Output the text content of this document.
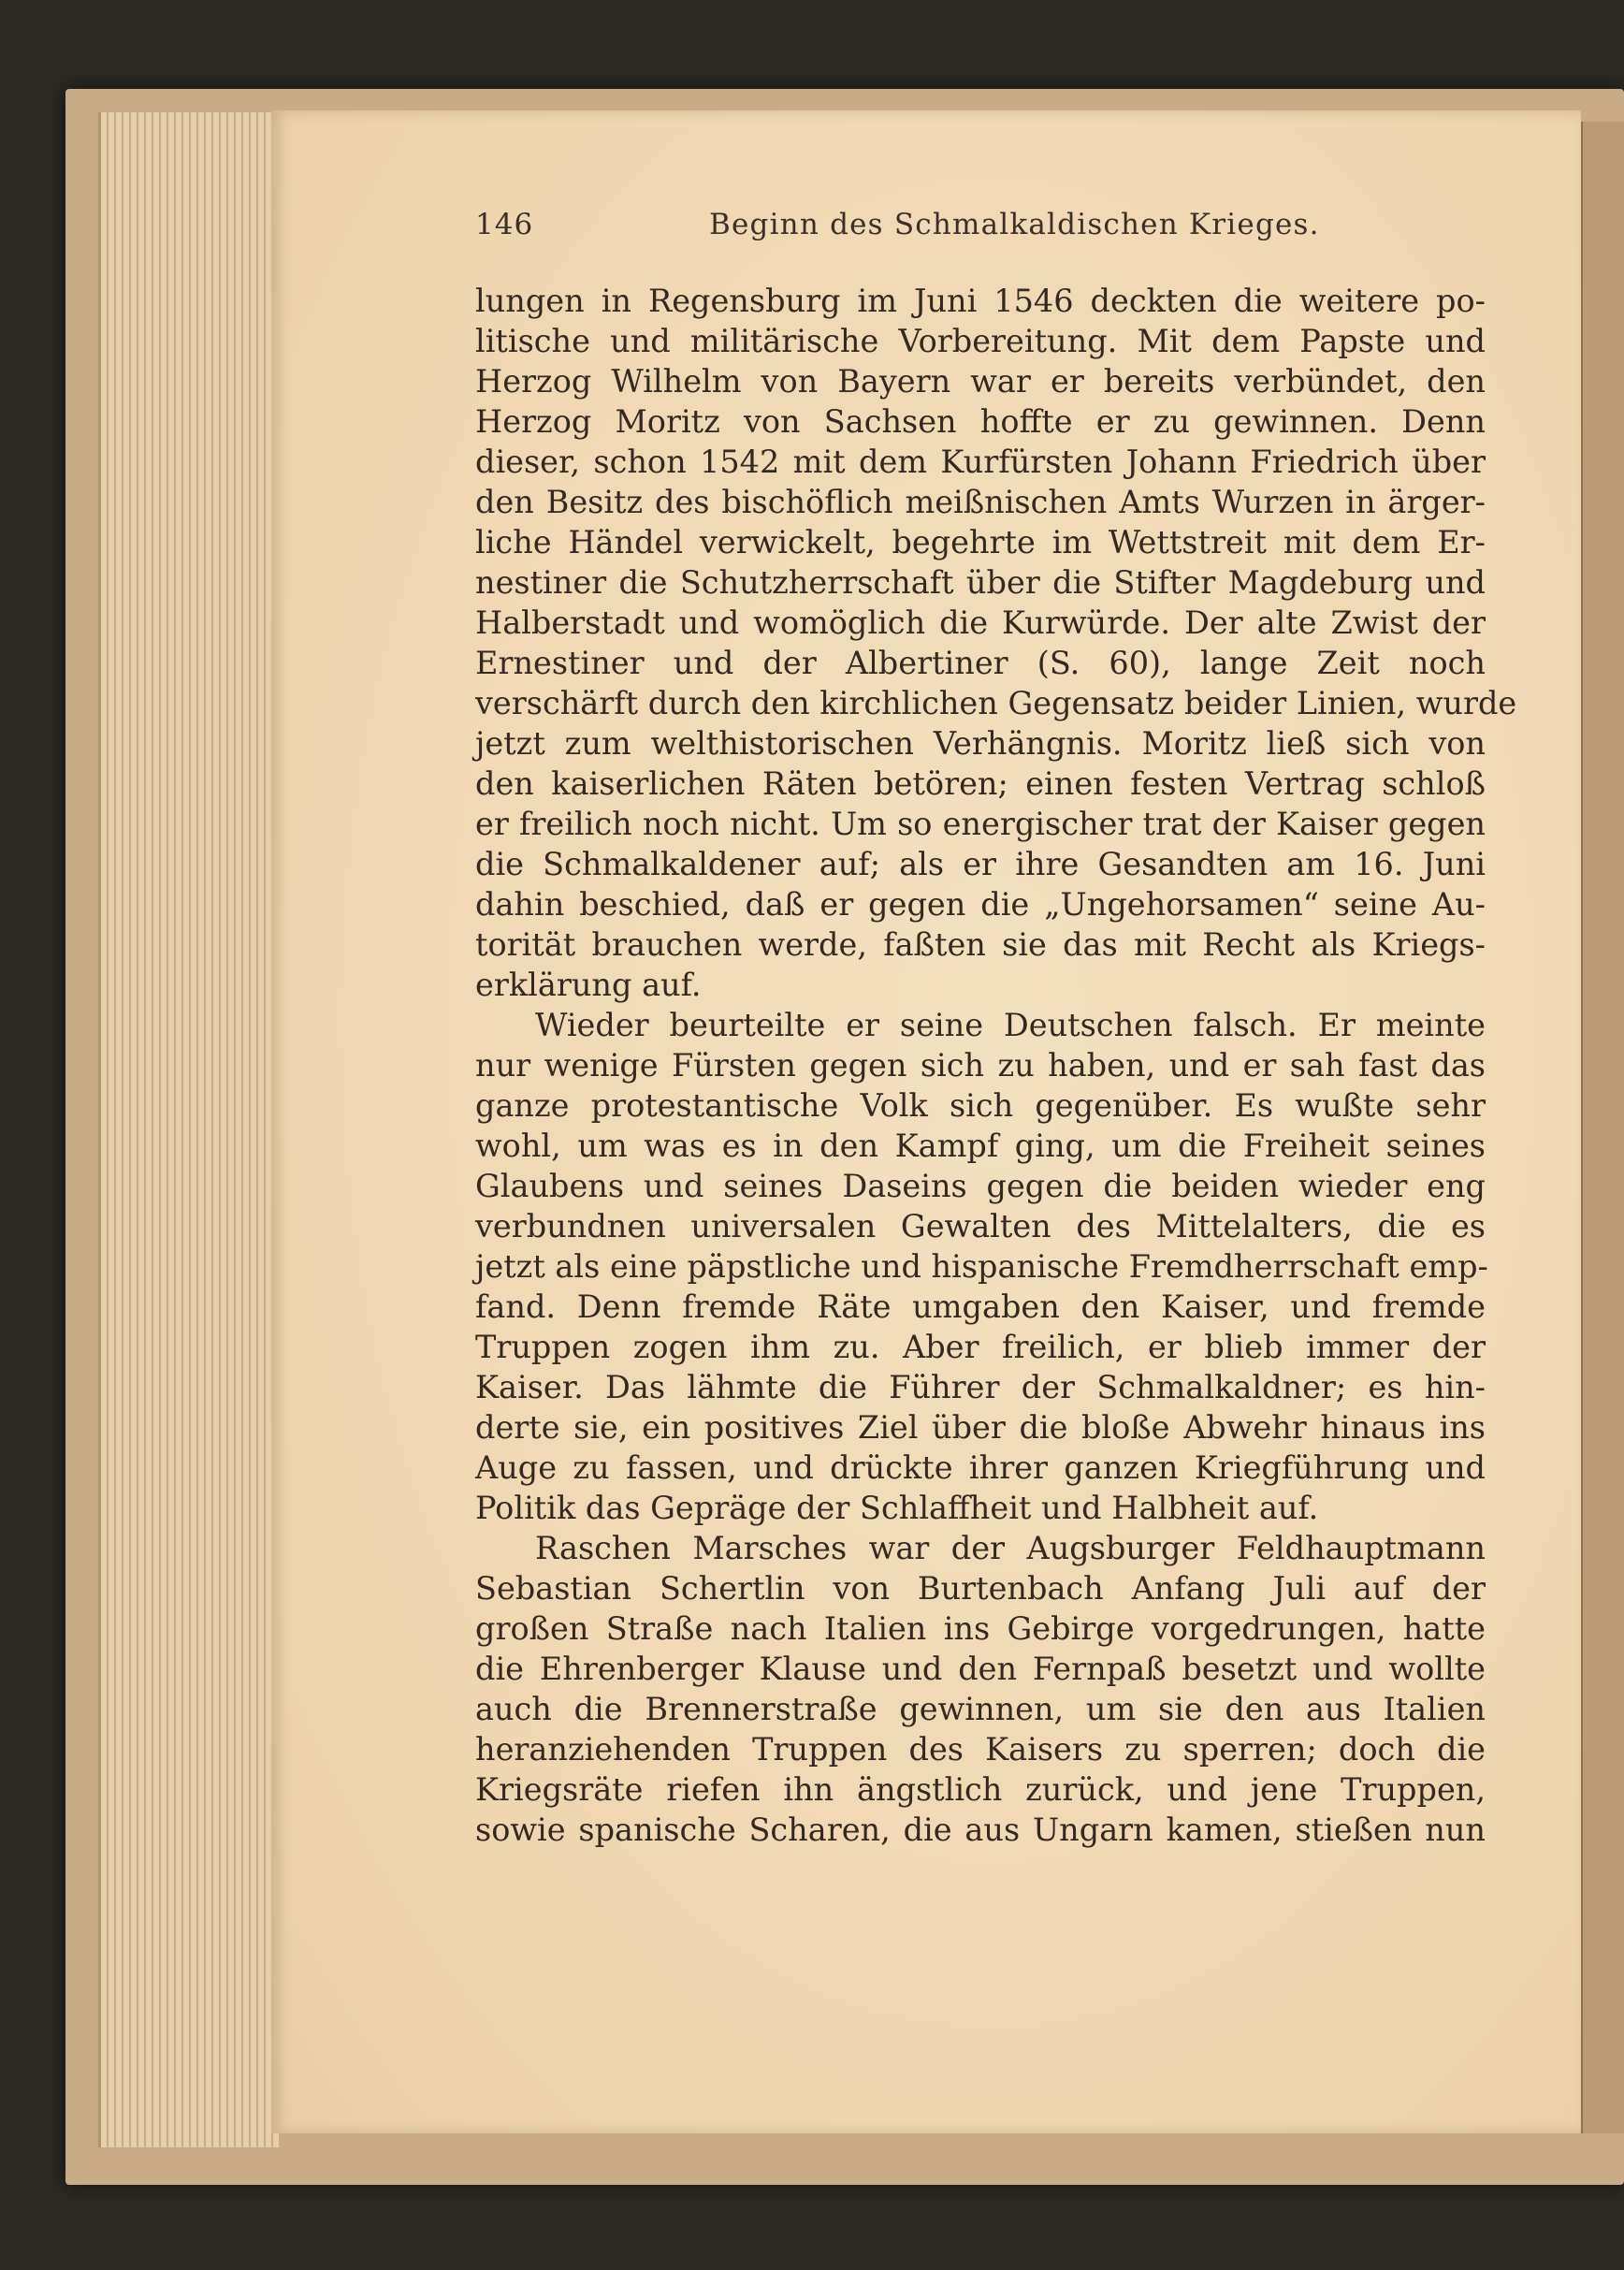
146	Beginn des Schmalkaldischen Krieges.
lungen in Regensburg im Juni 1546 deckten die weitere po-
litische und militärische Vorbereitung. Mit dem Papste und
Herzog Wilhelm von Bayern war er bereits verbündet, den
Herzog Moritz von Sachsen hoffte er zu gewinnen. Denn
dieser, schon 1542 mit dem Kurfürsten Johann Friedrich über
den Besitz des bischöflich meißnischen Amts Wurzen in ärger-
liche Händel verwickelt, begehrte im Wettstreit mit dem Er-
nestiner die Schutzherrschaft über die Stifter Magdeburg und
Halberstadt und womöglich die Kurwürde. Der alte Zwist der
Ernestiner und der Albertiner (S. 60), lange Zeit noch
verschärft durch den kirchlichen Gegensatz beider Linien, wurde
jetzt zum welthistorischen Verhängnis. Moritz ließ sich von
den kaiserlichen Räten betören; einen festen Vertrag schloß
er freilich noch nicht. Um so energischer trat der Kaiser gegen
die Schmalkaldener auf; als er ihre Gesandten am 16. Juni
dahin beschied, daß er gegen die „Ungehorsamen“ seine Au-
torität brauchen werde, faßten sie das mit Recht als Kriegs-
erklärung auf.
Wieder beurteilte er seine Deutschen falsch. Er meinte
nur wenige Fürsten gegen sich zu haben, und er sah fast das
ganze protestantische Volk sich gegenüber. Es wußte sehr
wohl, um was es in den Kampf ging, um die Freiheit seines
Glaubens und seines Daseins gegen die beiden wieder eng
verbundnen universalen Gewalten des Mittelalters, die es
jetzt als eine päpstliche und hispanische Fremdherrschaft emp-
fand. Denn fremde Räte umgaben den Kaiser, und fremde
Truppen zogen ihm zu. Aber freilich, er blieb immer der
Kaiser. Das lähmte die Führer der Schmalkaldner; es hin-
derte sie, ein positives Ziel über die bloße Abwehr hinaus ins
Auge zu fassen, und drückte ihrer ganzen Kriegführung und
Politik das Gepräge der Schlaffheit und Halbheit auf.
Raschen Marsches war der Augsburger Feldhauptmann
Sebastian Schertlin von Burtenbach Anfang Juli auf der
großen Straße nach Italien ins Gebirge vorgedrungen, hatte
die Ehrenberger Klause und den Fernpaß besetzt und wollte
auch die Brennerstraße gewinnen, um sie den aus Italien
heranziehenden Truppen des Kaisers zu sperren; doch die
Kriegsräte riefen ihn ängstlich zurück, und jene Truppen,
sowie spanische Scharen, die aus Ungarn kamen, stießen nun
